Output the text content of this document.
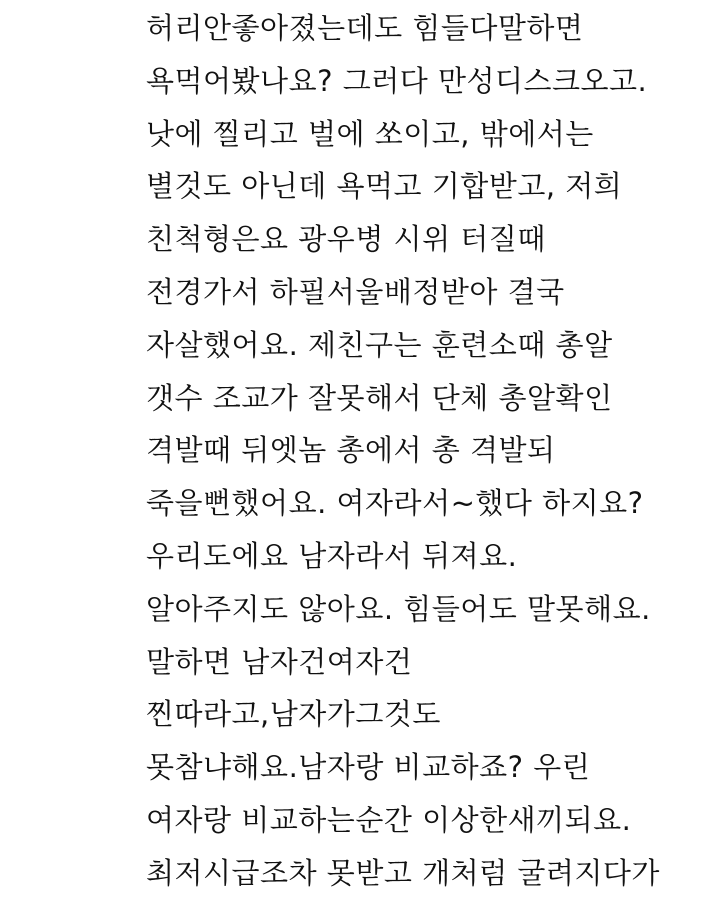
허리안좋아졌는데도 힘들다말하면
욕먹어봤나요? 그러다 만성디스크오고.
낫에 찔리고 벌에 쏘이고, 밖에서는
별것도 아닌데 욕먹고 기합받고, 저희
친척형은요 광우병 시위 터질때
전경가서 하필서울배정받아 결국
자살했어요. 제친구는 훈련소때 총알
갯수 조교가 잘못해서 단체 총알확인
격발때 뒤엣놈 총에서 총 격발되
죽을뻔했어요. 여자라서~했다 하지요?
우리도에요 남자라서 뒤져요.
알아주지도 않아요. 힘들어도 말못해요.
말하면 남자건여자건
찐따라고,남자가그것도
못참냐해요.남자랑 비교하죠? 우린
여자랑 비교하는순간 이상한새끼되요.
최저시급조차 못받고 개처럼 굴려지다가
